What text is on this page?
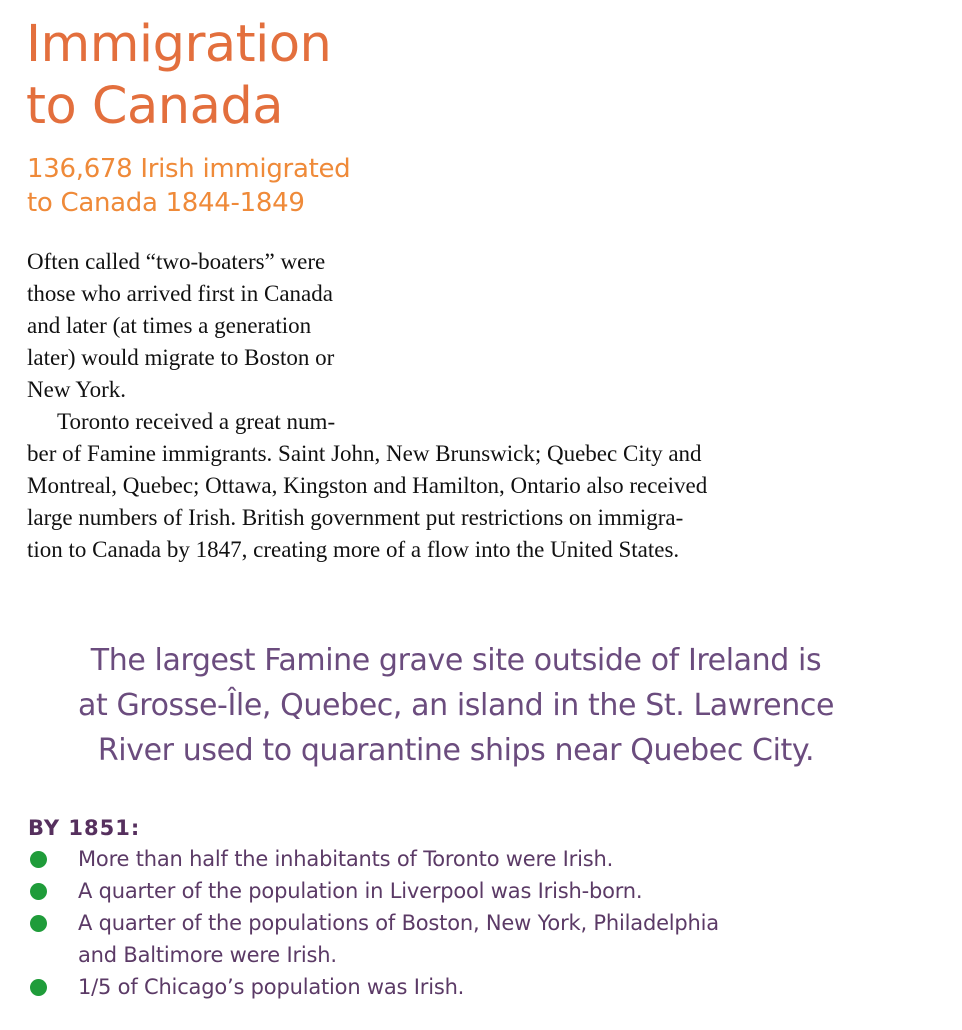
Immigration
to Canada
136,678 Irish immigrated
to Canada 1844-1849
Often called “two-boaters” were
those who arrived first in Canada
and later (at times a generation
later) would migrate to Boston or
New York.
Toronto received a great num-
ber of Famine immigrants. Saint John, New Brunswick; Quebec City and
Montreal, Quebec; Ottawa, Kingston and Hamilton, Ontario also received
large numbers of Irish. British government put restrictions on immigra-
tion to Canada by 1847, creating more of a flow into the United States.
The largest Famine grave site outside of Ireland is
at Grosse-Île, Quebec, an island in the St. Lawrence
River used to quarantine ships near Quebec City.
BY 1851:
More than half the inhabitants of Toronto were Irish.
A quarter of the population in Liverpool was Irish-born.
A quarter of the populations of Boston, New York, Philadelphia
and Baltimore were Irish.
1/5 of Chicago’s population was Irish.
